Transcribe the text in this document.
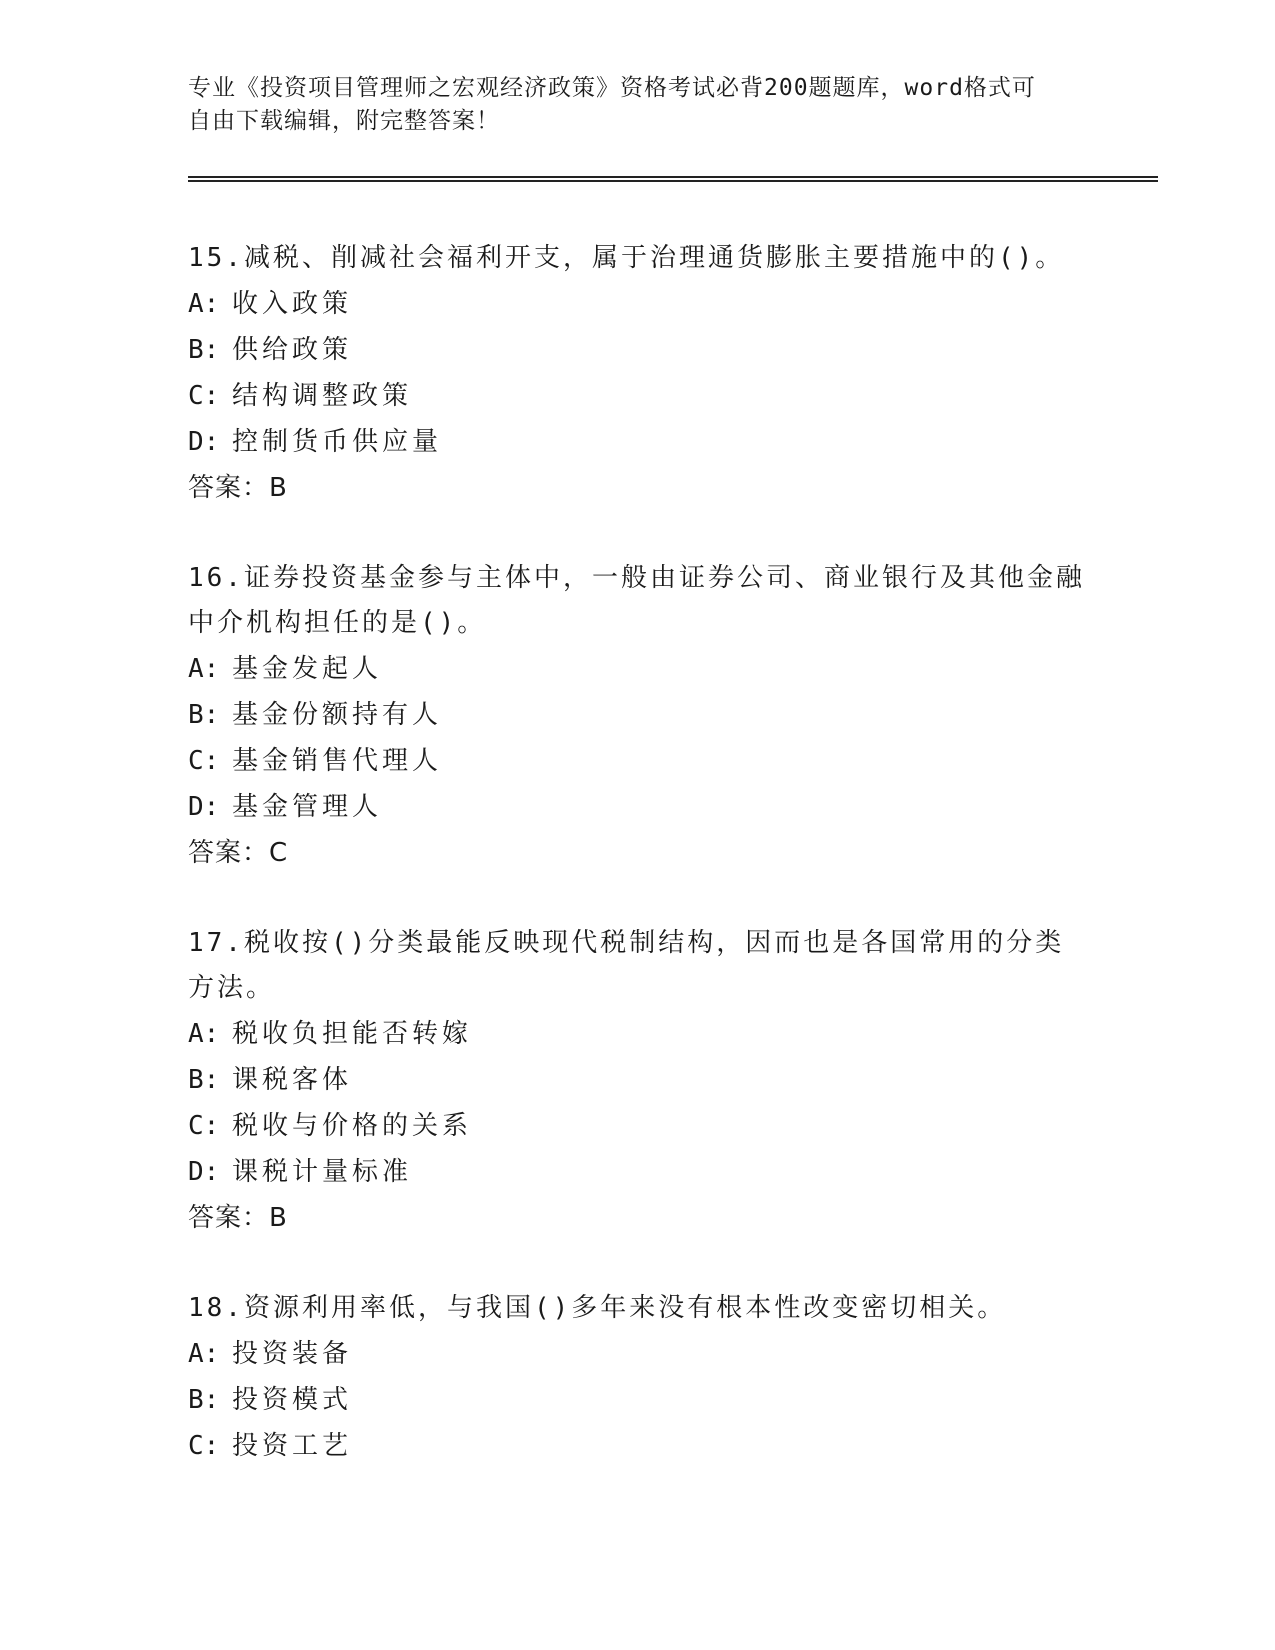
专业《投资项目管理师之宏观经济政策》资格考试必背200题题库，word格式可
自由下载编辑，附完整答案！

15.减税、削减社会福利开支，属于治理通货膨胀主要措施中的()。

A: 收入政策

B: 供给政策

C: 结构调整政策

D: 控制货币供应量

答案：B

16.证券投资基金参与主体中，一般由证券公司、商业银行及其他金融中介机构担任的是()。

A: 基金发起人

B: 基金份额持有人

C: 基金销售代理人

D: 基金管理人

答案：C

17.税收按()分类最能反映现代税制结构，因而也是各国常用的分类方法。

A: 税收负担能否转嫁

B: 课税客体

C: 税收与价格的关系

D: 课税计量标准

答案：B

18.资源利用率低，与我国()多年来没有根本性改变密切相关。

A: 投资装备

B: 投资模式

C: 投资工艺
